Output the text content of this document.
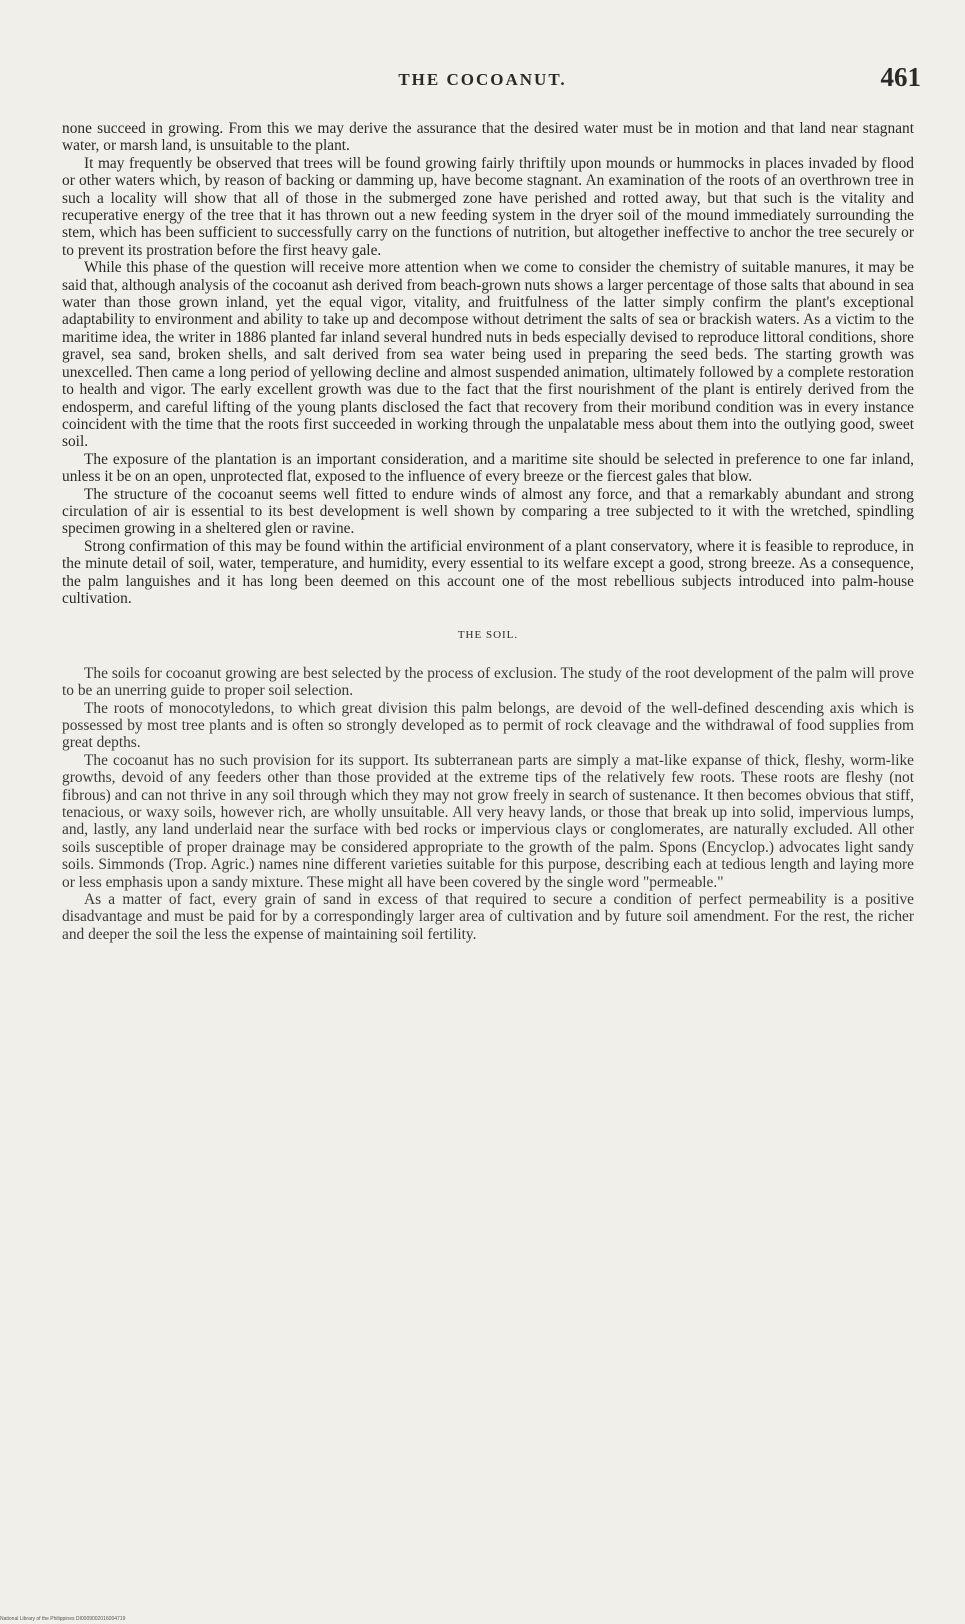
THE COCOANUT.	461

none succeed in growing. From this we may derive the assurance that the desired water must be in motion and that land near stagnant water, or marsh land, is unsuitable to the plant.

It may frequently be observed that trees will be found growing fairly thriftily upon mounds or hummocks in places invaded by flood or other waters which, by reason of backing or damming up, have become stagnant. An examination of the roots of an overthrown tree in such a locality will show that all of those in the submerged zone have perished and rotted away, but that such is the vitality and recuperative energy of the tree that it has thrown out a new feeding system in the dryer soil of the mound immediately surrounding the stem, which has been sufficient to successfully carry on the functions of nutrition, but altogether ineffective to anchor the tree securely or to prevent its prostration before the first heavy gale.

While this phase of the question will receive more attention when we come to consider the chemistry of suitable manures, it may be said that, although analysis of the cocoanut ash derived from beach-grown nuts shows a larger percentage of those salts that abound in sea water than those grown inland, yet the equal vigor, vitality, and fruitfulness of the latter simply confirm the plant's exceptional adaptability to environment and ability to take up and decompose without detriment the salts of sea or brackish waters. As a victim to the maritime idea, the writer in 1886 planted far inland several hundred nuts in beds especially devised to reproduce littoral conditions, shore gravel, sea sand, broken shells, and salt derived from sea water being used in preparing the seed beds. The starting growth was unexcelled. Then came a long period of yellowing decline and almost suspended animation, ultimately followed by a complete restoration to health and vigor. The early excellent growth was due to the fact that the first nourishment of the plant is entirely derived from the endosperm, and careful lifting of the young plants disclosed the fact that recovery from their moribund condition was in every instance coincident with the time that the roots first succeeded in working through the unpalatable mess about them into the outlying good, sweet soil.

The exposure of the plantation is an important consideration, and a maritime site should be selected in preference to one far inland, unless it be on an open, unprotected flat, exposed to the influence of every breeze or the fiercest gales that blow.

The structure of the cocoanut seems well fitted to endure winds of almost any force, and that a remarkably abundant and strong circulation of air is essential to its best development is well shown by comparing a tree subjected to it with the wretched, spindling specimen growing in a sheltered glen or ravine.

Strong confirmation of this may be found within the artificial environment of a plant conservatory, where it is feasible to reproduce, in the minute detail of soil, water, temperature, and humidity, every essential to its welfare except a good, strong breeze. As a consequence, the palm languishes and it has long been deemed on this account one of the most rebellious subjects introduced into palm-house cultivation.

THE SOIL.

The soils for cocoanut growing are best selected by the process of exclusion. The study of the root development of the palm will prove to be an unerring guide to proper soil selection.

The roots of monocotyledons, to which great division this palm belongs, are devoid of the well-defined descending axis which is possessed by most tree plants and is often so strongly developed as to permit of rock cleavage and the withdrawal of food supplies from great depths.

The cocoanut has no such provision for its support. Its subterranean parts are simply a mat-like expanse of thick, fleshy, worm-like growths, devoid of any feeders other than those provided at the extreme tips of the relatively few roots. These roots are fleshy (not fibrous) and can not thrive in any soil through which they may not grow freely in search of sustenance. It then becomes obvious that stiff, tenacious, or waxy soils, however rich, are wholly unsuitable. All very heavy lands, or those that break up into solid, impervious lumps, and, lastly, any land underlaid near the surface with bed rocks or impervious clays or conglomerates, are naturally excluded. All other soils susceptible of proper drainage may be considered appropriate to the growth of the palm. Spons (Encyclop.) advocates light sandy soils. Simmonds (Trop. Agric.) names nine different varieties suitable for this purpose, describing each at tedious length and laying more or less emphasis upon a sandy mixture. These might all have been covered by the single word "permeable."

As a matter of fact, every grain of sand in excess of that required to secure a condition of perfect permeability is a positive disadvantage and must be paid for by a correspondingly larger area of cultivation and by future soil amendment. For the rest, the richer and deeper the soil the less the expense of maintaining soil fertility.

National Library of the Philippines DI0009002016004719
